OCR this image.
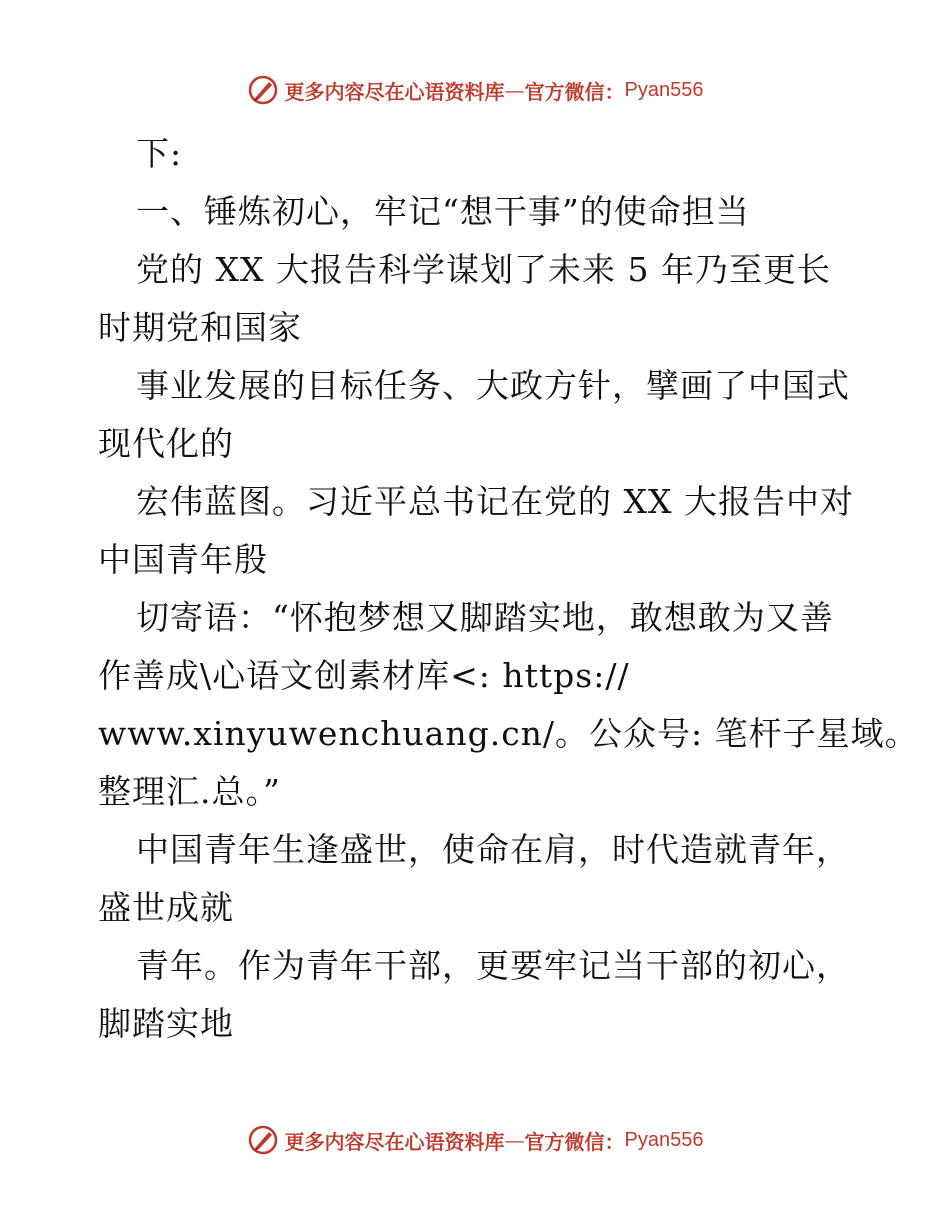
更多内容尽在心语资料库 — 官方微信： Pyan556
下:
一、锤炼初心，牢记“想干事”的使命担当
党的 XX 大报告科学谋划了未来 5 年乃至更长
时期党和国家
事业发展的目标任务、大政方针，擘画了中国式
现代化的
宏伟蓝图。习近平总书记在党的 XX 大报告中对
中国青年殷
切寄语：“怀抱梦想又脚踏实地，敢想敢为又善
作善成\心语文创素材库<: https://
www.xinyuwenchuang.cn/。公众号: 笔杆子星域。
整理汇.总。”
中国青年生逢盛世，使命在肩，时代造就青年，
盛世成就
青年。作为青年干部，更要牢记当干部的初心，
脚踏实地
更多内容尽在心语资料库 — 官方微信： Pyan556
